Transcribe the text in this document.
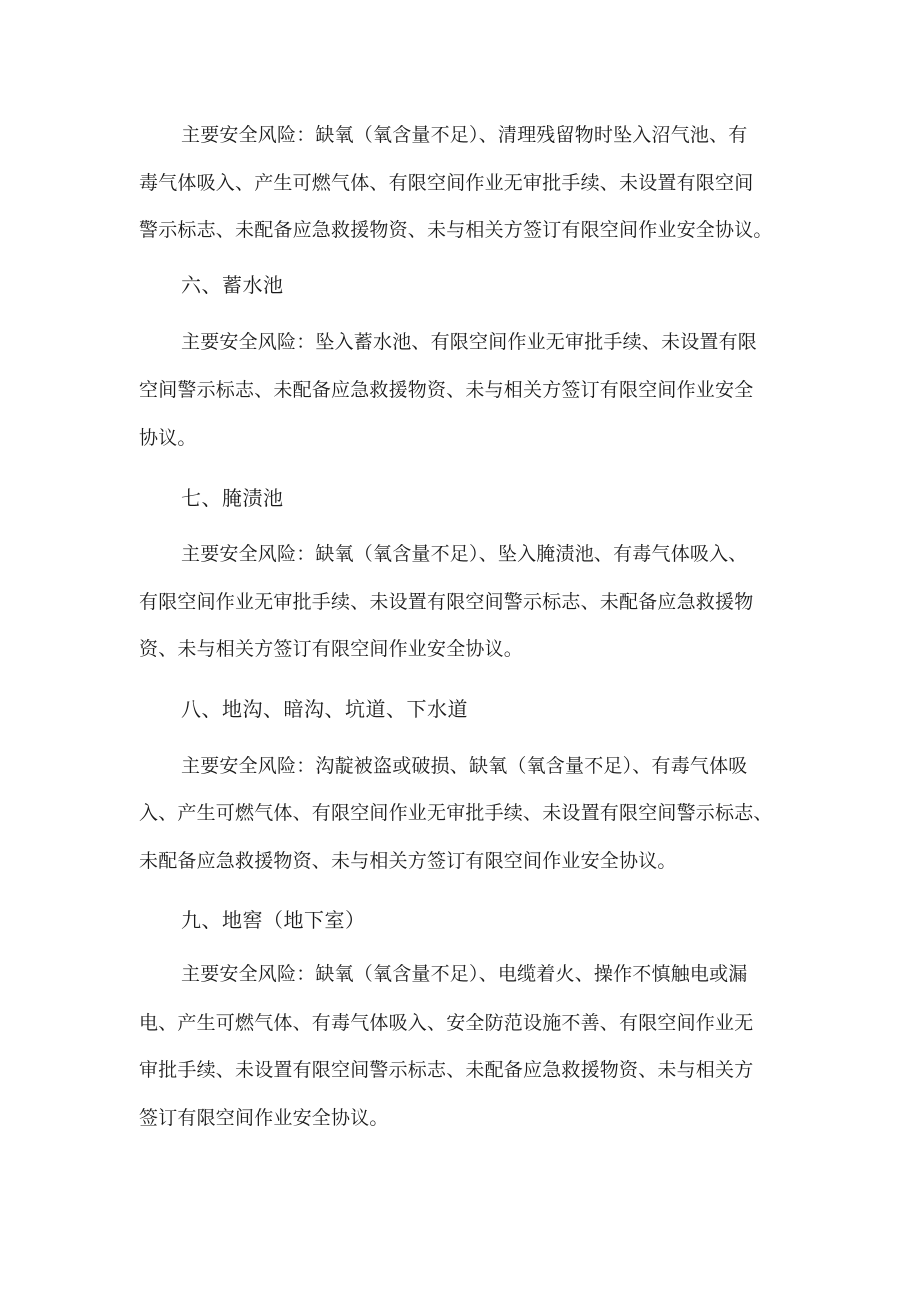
主要安全风险：缺氧（氧含量不足）、清理残留物时坠入沼气池、有
毒气体吸入、产生可燃气体、有限空间作业无审批手续、未设置有限空间
警示标志、未配备应急救援物资、未与相关方签订有限空间作业安全协议。
六、蓄水池
主要安全风险：坠入蓄水池、有限空间作业无审批手续、未设置有限
空间警示标志、未配备应急救援物资、未与相关方签订有限空间作业安全
协议。
七、腌渍池
主要安全风险：缺氧（氧含量不足）、坠入腌渍池、有毒气体吸入、
有限空间作业无审批手续、未设置有限空间警示标志、未配备应急救援物
资、未与相关方签订有限空间作业安全协议。
八、地沟、暗沟、坑道、下水道
主要安全风险：沟靛被盗或破损、缺氧（氧含量不足）、有毒气体吸
入、产生可燃气体、有限空间作业无审批手续、未设置有限空间警示标志、
未配备应急救援物资、未与相关方签订有限空间作业安全协议。
九、地窖（地下室）
主要安全风险：缺氧（氧含量不足）、电缆着火、操作不慎触电或漏
电、产生可燃气体、有毒气体吸入、安全防范设施不善、有限空间作业无
审批手续、未设置有限空间警示标志、未配备应急救援物资、未与相关方
签订有限空间作业安全协议。
